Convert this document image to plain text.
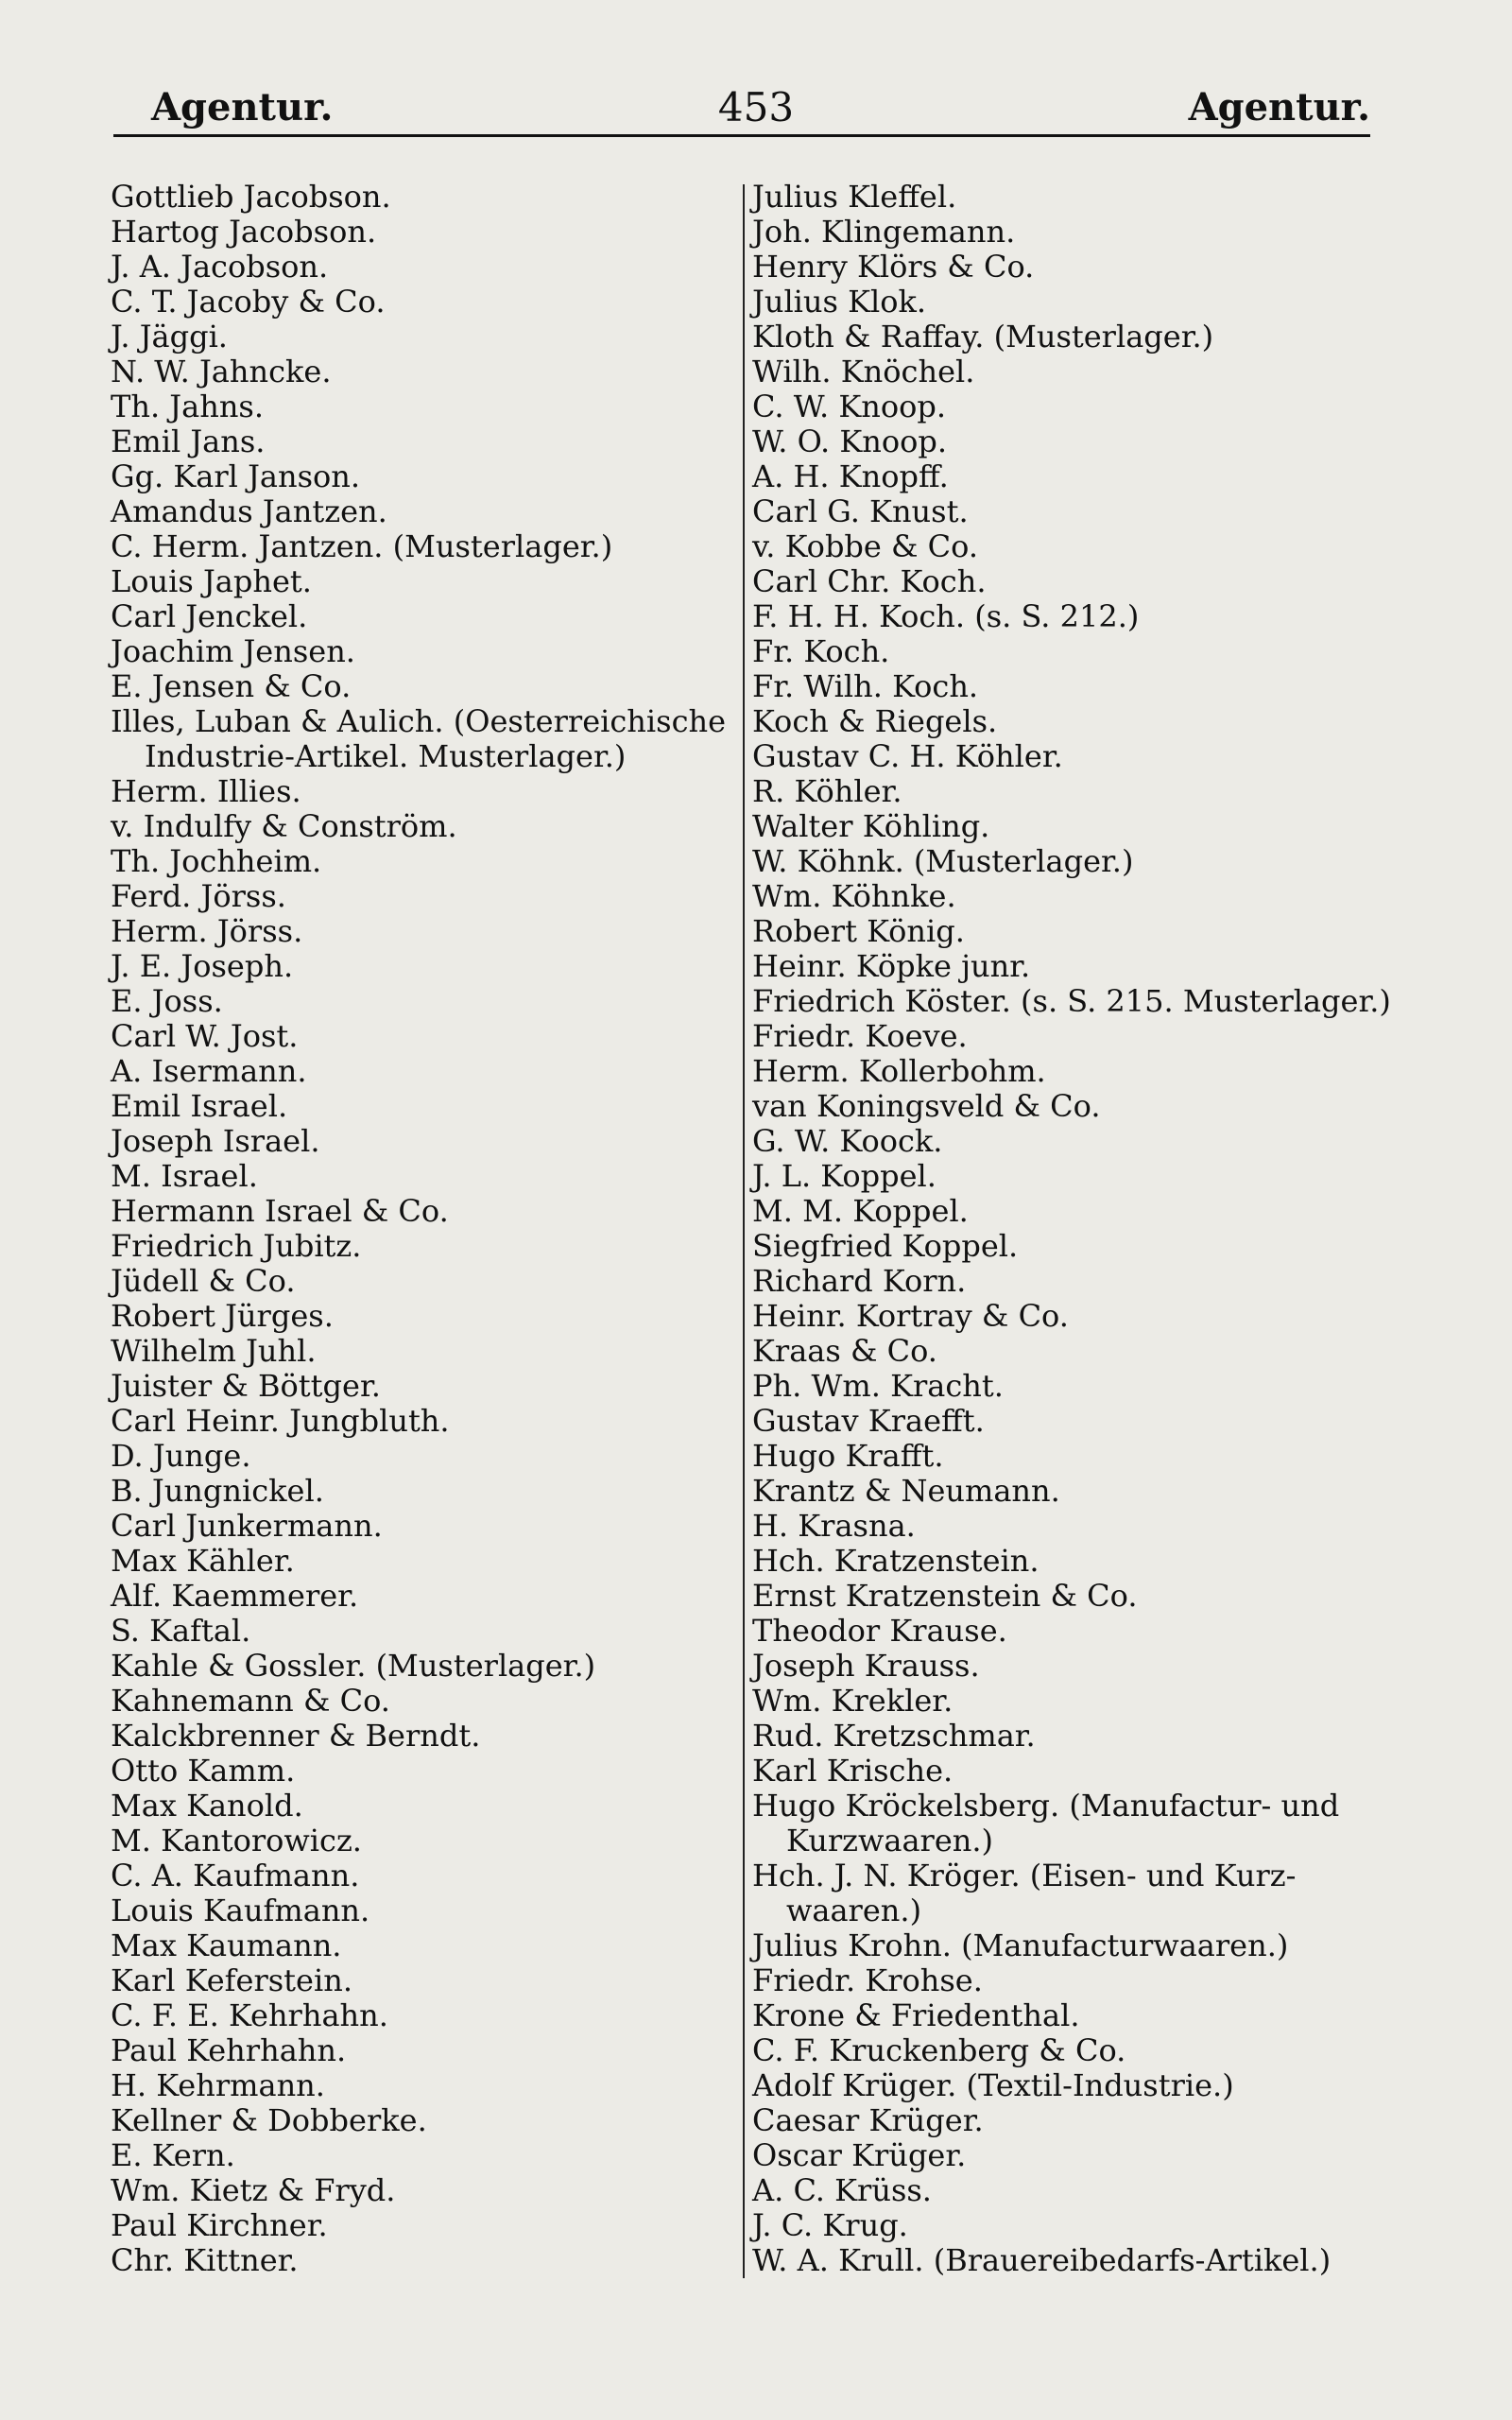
Agentur.	453	Agentur.
Gottlieb Jacobson.
Hartog Jacobson.
J. A. Jacobson.
C. T. Jacoby & Co.
J. Jäggi.
N. W. Jahncke.
Th. Jahns.
Emil Jans.
Gg. Karl Janson.
Amandus Jantzen.
C. Herm. Jantzen. (Musterlager.)
Louis Japhet.
Carl Jenckel.
Joachim Jensen.
E. Jensen & Co.
Illes, Luban & Aulich. (Oesterreichische
Industrie-Artikel. Musterlager.)
Herm. Illies.
v. Indulfy & Conström.
Th. Jochheim.
Ferd. Jörss.
Herm. Jörss.
J. E. Joseph.
E. Joss.
Carl W. Jost.
A. Isermann.
Emil Israel.
Joseph Israel.
M. Israel.
Hermann Israel & Co.
Friedrich Jubitz.
Jüdell & Co.
Robert Jürges.
Wilhelm Juhl.
Juister & Böttger.
Carl Heinr. Jungbluth.
D. Junge.
B. Jungnickel.
Carl Junkermann.
Max Kähler.
Alf. Kaemmerer.
S. Kaftal.
Kahle & Gossler. (Musterlager.)
Kahnemann & Co.
Kalckbrenner & Berndt.
Otto Kamm.
Max Kanold.
M. Kantorowicz.
C. A. Kaufmann.
Louis Kaufmann.
Max Kaumann.
Karl Keferstein.
C. F. E. Kehrhahn.
Paul Kehrhahn.
H. Kehrmann.
Kellner & Dobberke.
E. Kern.
Wm. Kietz & Fryd.
Paul Kirchner.
Chr. Kittner.
Julius Kleffel.
Joh. Klingemann.
Henry Klörs & Co.
Julius Klok.
Kloth & Raffay. (Musterlager.)
Wilh. Knöchel.
C. W. Knoop.
W. O. Knoop.
A. H. Knopff.
Carl G. Knust.
v. Kobbe & Co.
Carl Chr. Koch.
F. H. H. Koch. (s. S. 212.)
Fr. Koch.
Fr. Wilh. Koch.
Koch & Riegels.
Gustav C. H. Köhler.
R. Köhler.
Walter Köhling.
W. Köhnk. (Musterlager.)
Wm. Köhnke.
Robert König.
Heinr. Köpke junr.
Friedrich Köster. (s. S. 215. Musterlager.)
Friedr. Koeve.
Herm. Kollerbohm.
van Koningsveld & Co.
G. W. Koock.
J. L. Koppel.
M. M. Koppel.
Siegfried Koppel.
Richard Korn.
Heinr. Kortray & Co.
Kraas & Co.
Ph. Wm. Kracht.
Gustav Kraefft.
Hugo Krafft.
Krantz & Neumann.
H. Krasna.
Hch. Kratzenstein.
Ernst Kratzenstein & Co.
Theodor Krause.
Joseph Krauss.
Wm. Krekler.
Rud. Kretzschmar.
Karl Krische.
Hugo Kröckelsberg. (Manufactur- und
Kurzwaaren.)
Hch. J. N. Kröger. (Eisen- und Kurz-
waaren.)
Julius Krohn. (Manufacturwaaren.)
Friedr. Krohse.
Krone & Friedenthal.
C. F. Kruckenberg & Co.
Adolf Krüger. (Textil-Industrie.)
Caesar Krüger.
Oscar Krüger.
A. C. Krüss.
J. C. Krug.
W. A. Krull. (Brauereibedarfs-Artikel.)
